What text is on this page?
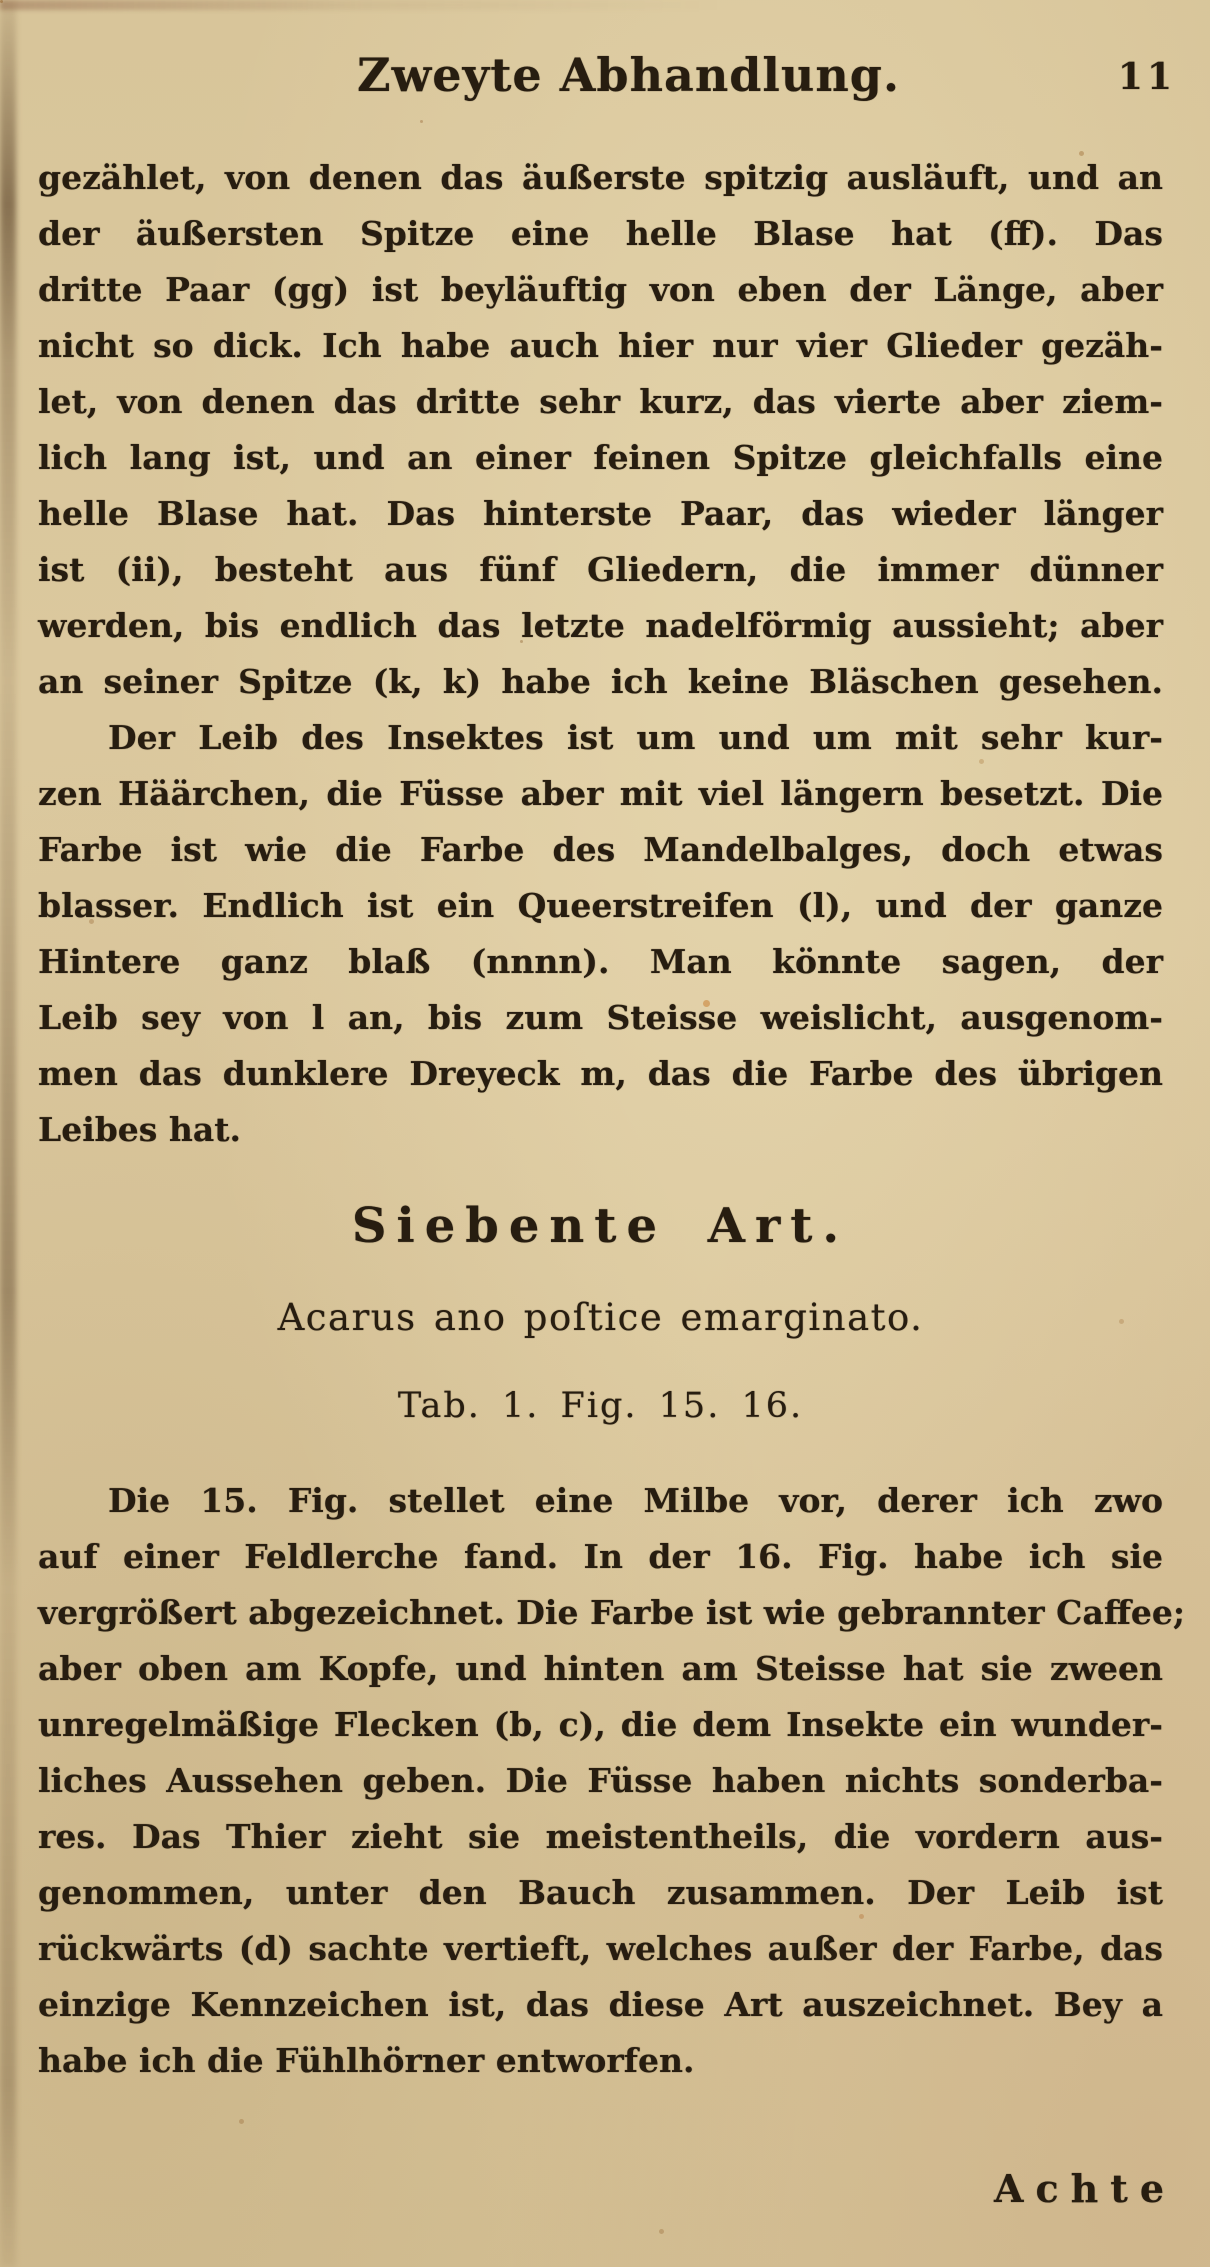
Zweyte Abhandlung.	11
gezählet, von denen das äußerste spitzig ausläuft, und an
der äußersten Spitze eine helle Blase hat (ff). Das
dritte Paar (gg) ist beyläuftig von eben der Länge, aber
nicht so dick. Ich habe auch hier nur vier Glieder gezäh-
let, von denen das dritte sehr kurz, das vierte aber ziem-
lich lang ist, und an einer feinen Spitze gleichfalls eine
helle Blase hat. Das hinterste Paar, das wieder länger
ist (ii), besteht aus fünf Gliedern, die immer dünner
werden, bis endlich das letzte nadelförmig aussieht; aber
an seiner Spitze (k, k) habe ich keine Bläschen gesehen.
Der Leib des Insektes ist um und um mit sehr kur-
zen Häärchen, die Füsse aber mit viel längern besetzt. Die
Farbe ist wie die Farbe des Mandelbalges, doch etwas
blasser. Endlich ist ein Queerstreifen (l), und der ganze
Hintere ganz blaß (nnnn). Man könnte sagen, der
Leib sey von l an, bis zum Steisse weislicht, ausgenom-
men das dunklere Dreyeck m, das die Farbe des übrigen
Leibes hat.
Siebente Art.
Acarus ano poſtice emarginato.
Tab. 1. Fig. 15. 16.
Die 15. Fig. stellet eine Milbe vor, derer ich zwo
auf einer Feldlerche fand. In der 16. Fig. habe ich sie
vergrößert abgezeichnet. Die Farbe ist wie gebrannter Caffee;
aber oben am Kopfe, und hinten am Steisse hat sie zween
unregelmäßige Flecken (b, c), die dem Insekte ein wunder-
liches Aussehen geben. Die Füsse haben nichts sonderba-
res. Das Thier zieht sie meistentheils, die vordern aus-
genommen, unter den Bauch zusammen. Der Leib ist
rückwärts (d) sachte vertieft, welches außer der Farbe, das
einzige Kennzeichen ist, das diese Art auszeichnet. Bey a
habe ich die Fühlhörner entworfen.
Achte
